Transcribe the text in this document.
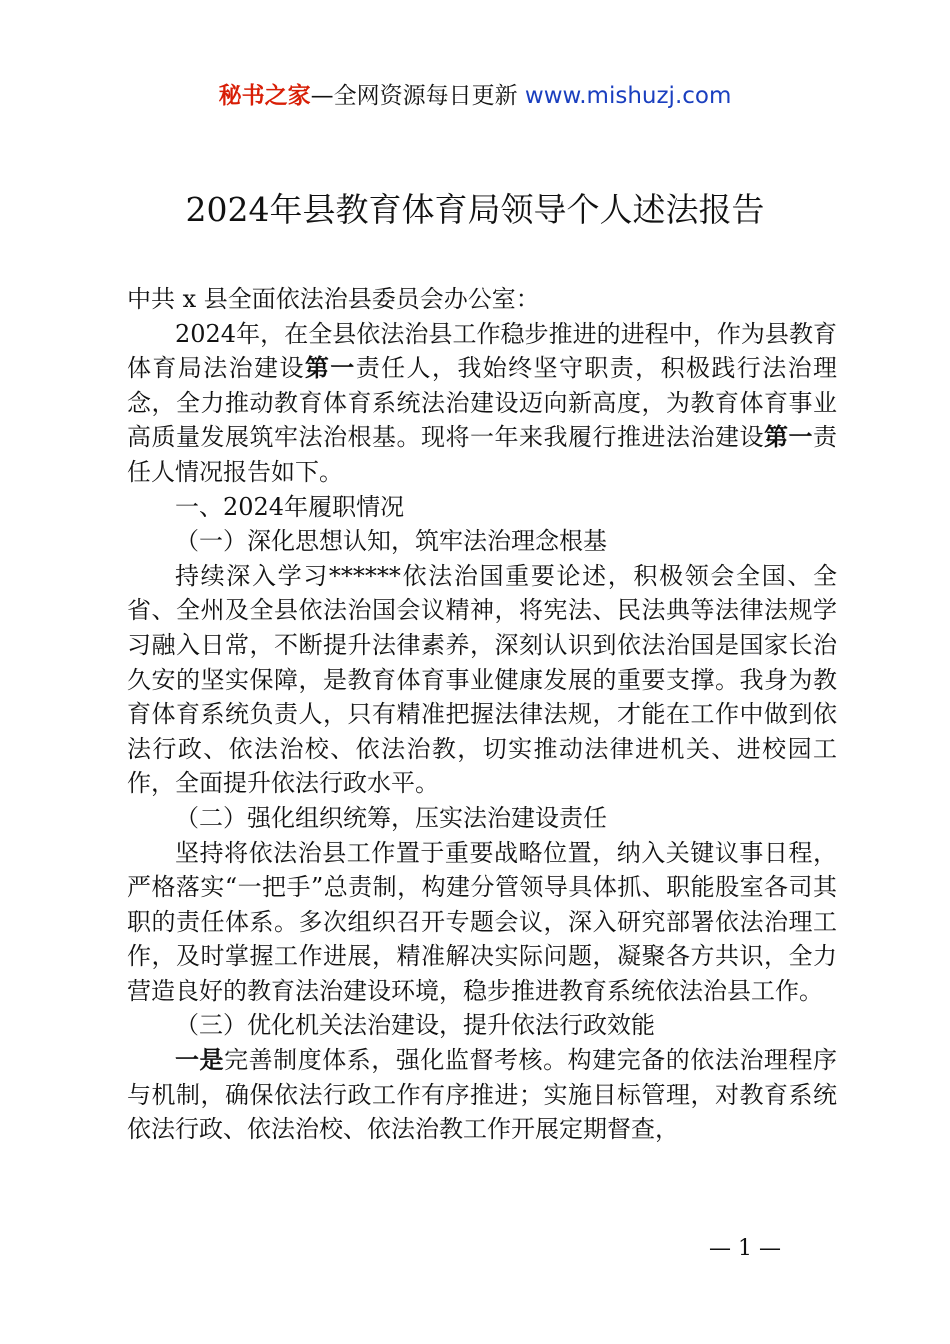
秘书之家—全网资源每日更新 www.mishuzj.com
2024年县教育体育局领导个人述法报告

中共 x 县全面依法治县委员会办公室：

2024年，在全县依法治县工作稳步推进的进程中，作为县教育体育局法治建设第一责任人，我始终坚守职责，积极践行法治理念，全力推动教育体育系统法治建设迈向新高度，为教育体育事业高质量发展筑牢法治根基。现将一年来我履行推进法治建设第一责任人情况报告如下。

一、2024年履职情况

（一）深化思想认知，筑牢法治理念根基

持续深入学习******依法治国重要论述，积极领会全国、全省、全州及全县依法治国会议精神，将宪法、民法典等法律法规学习融入日常，不断提升法律素养，深刻认识到依法治国是国家长治久安的坚实保障，是教育体育事业健康发展的重要支撑。我身为教育体育系统负责人，只有精准把握法律法规，才能在工作中做到依法行政、依法治校、依法治教，切实推动法律进机关、进校园工作，全面提升依法行政水平。

（二）强化组织统筹，压实法治建设责任

坚持将依法治县工作置于重要战略位置，纳入关键议事日程，严格落实“一把手”总责制，构建分管领导具体抓、职能股室各司其职的责任体系。多次组织召开专题会议，深入研究部署依法治理工作，及时掌握工作进展，精准解决实际问题，凝聚各方共识，全力营造良好的教育法治建设环境，稳步推进教育系统依法治县工作。

（三）优化机关法治建设，提升依法行政效能

一是完善制度体系，强化监督考核。构建完备的依法治理程序与机制，确保依法行政工作有序推进；实施目标管理，对教育系统依法行政、依法治校、依法治教工作开展定期督查，

— 1 —
